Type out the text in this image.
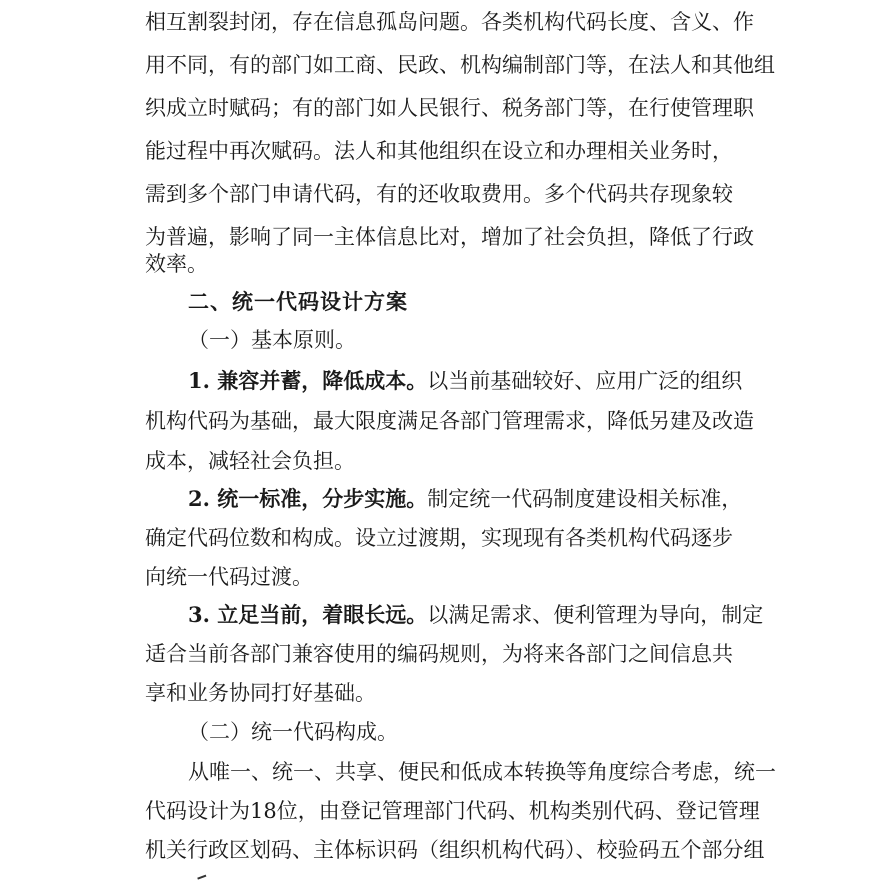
相互割裂封闭，存在信息孤岛问题。各类机构代码长度、含义、作
用不同，有的部门如工商、民政、机构编制部门等，在法人和其他组
织成立时赋码；有的部门如人民银行、税务部门等，在行使管理职
能过程中再次赋码。法人和其他组织在设立和办理相关业务时，
需到多个部门申请代码，有的还收取费用。多个代码共存现象较
为普遍，影响了同一主体信息比对，增加了社会负担，降低了行政
效率。
二、统一代码设计方案
（一）基本原则。
1. 兼容并蓄，降低成本。以当前基础较好、应用广泛的组织
机构代码为基础，最大限度满足各部门管理需求，降低另建及改造
成本，减轻社会负担。
2. 统一标准，分步实施。制定统一代码制度建设相关标准，
确定代码位数和构成。设立过渡期，实现现有各类机构代码逐步
向统一代码过渡。
3. 立足当前，着眼长远。以满足需求、便利管理为导向，制定
适合当前各部门兼容使用的编码规则，为将来各部门之间信息共
享和业务协同打好基础。
（二）统一代码构成。
从唯一、统一、共享、便民和低成本转换等角度综合考虑，统一
代码设计为18位，由登记管理部门代码、机构类别代码、登记管理
机关行政区划码、主体标识码（组织机构代码）、校验码五个部分组
